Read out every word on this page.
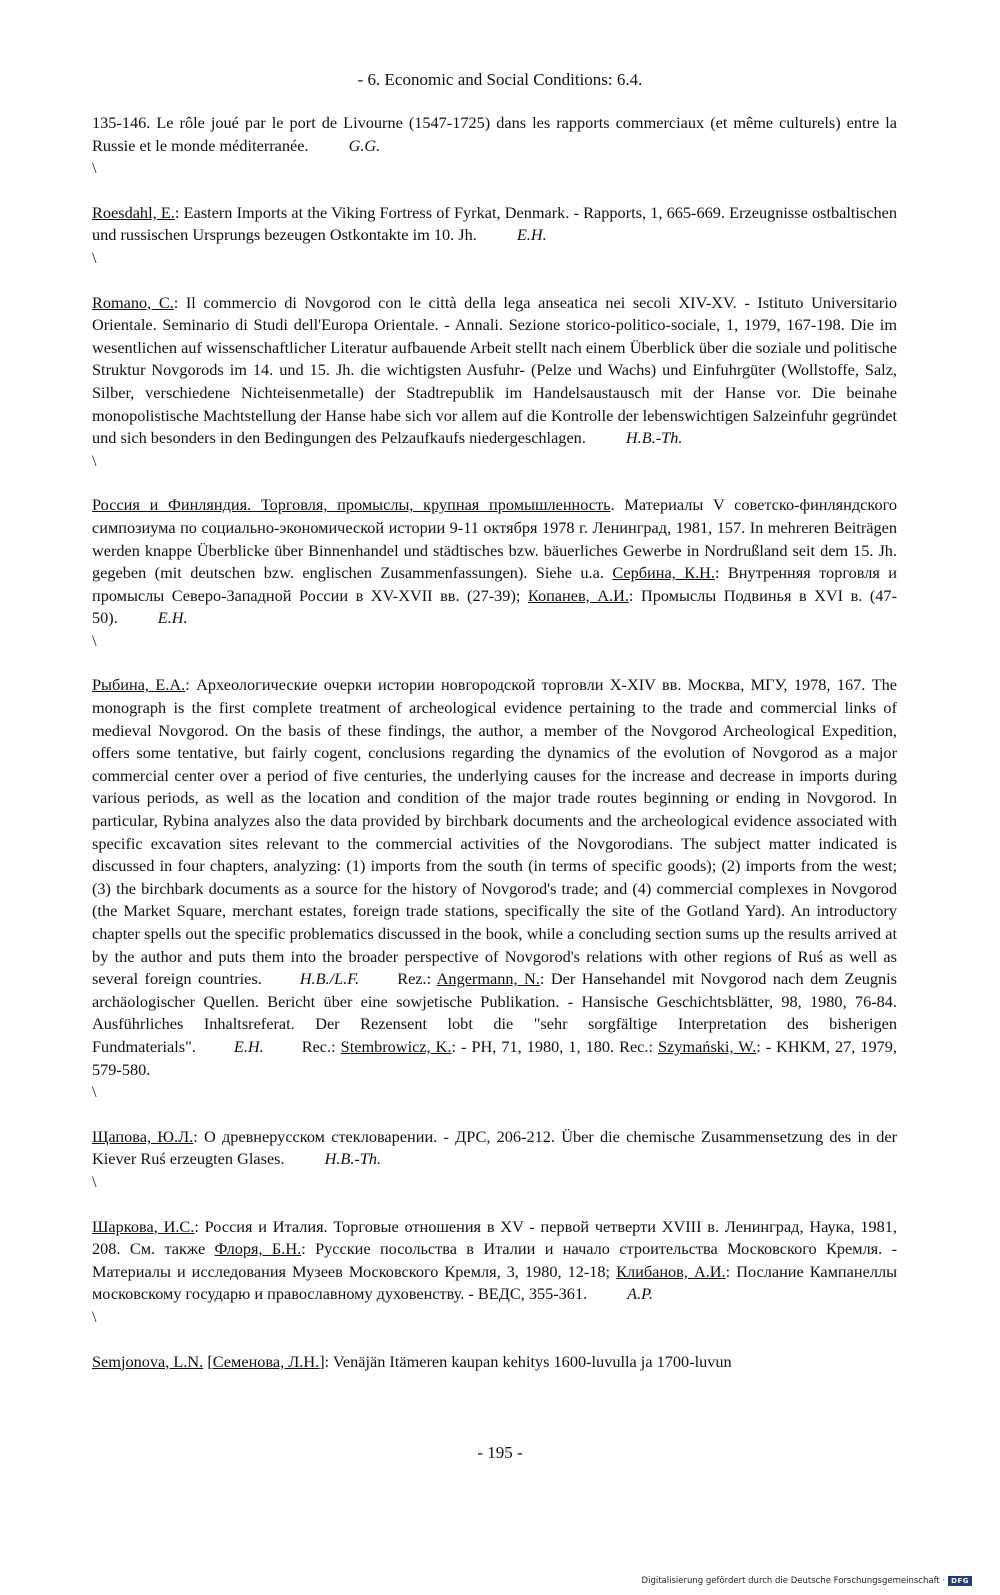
- 6. Economic and Social Conditions: 6.4.

135-146. Le rôle joué par le port de Livourne (1547-1725) dans les rapports commerciaux (et même culturels) entre la Russie et le monde méditerranée. G.G.

\

Roesdahl, E.: Eastern Imports at the Viking Fortress of Fyrkat, Denmark. - Rapports, 1, 665-669. Erzeugnisse ostbaltischen und russischen Ursprungs bezeugen Ostkontakte im 10. Jh. E.H.

\

Romano, C.: Il commercio di Novgorod con le città della lega anseatica nei secoli XIV-XV. - Istituto Universitario Orientale. Seminario di Studi dell'Europa Orientale. - Annali. Sezione storico-politico-sociale, 1, 1979, 167-198. Die im wesentlichen auf wissenschaftlicher Literatur aufbauende Arbeit stellt nach einem Überblick über die soziale und politische Struktur Novgorods im 14. und 15. Jh. die wichtigsten Ausfuhr- (Pelze und Wachs) und Einfuhrgüter (Wollstoffe, Salz, Silber, verschiedene Nichteisenmetalle) der Stadtrepublik im Handelsaustausch mit der Hanse vor. Die beinahe monopolistische Machtstellung der Hanse habe sich vor allem auf die Kontrolle der lebenswichtigen Salzeinfuhr gegründet und sich besonders in den Bedingungen des Pelzaufkaufs niedergeschlagen. H.B.-Th.

\

Россия и Финляндия. Торговля, промыслы, крупная промышленность. Материалы V советско-финляндского симпозиума по социально-экономической истории 9-11 октября 1978 г. Ленинград, 1981, 157. In mehreren Beiträgen werden knappe Überblicke über Binnenhandel und städtisches bzw. bäuerliches Gewerbe in Nordrußland seit dem 15. Jh. gegeben (mit deutschen bzw. englischen Zusammenfassungen). Siehe u.a. Сербина, К.Н.: Внутренняя торговля и промыслы Северо-Западной России в XV-XVII вв. (27-39); Копанев, А.И.: Промыслы Подвинья в XVI в. (47-50). E.H.

\

Рыбина, Е.А.: Археологические очерки истории новгородской торговли X-XIV вв. Москва, МГУ, 1978, 167. The monograph is the first complete treatment of archeological evidence pertaining to the trade and commercial links of medieval Novgorod. On the basis of these findings, the author, a member of the Novgorod Archeological Expedition, offers some tentative, but fairly cogent, conclusions regarding the dynamics of the evolution of Novgorod as a major commercial center over a period of five centuries, the underlying causes for the increase and decrease in imports during various periods, as well as the location and condition of the major trade routes beginning or ending in Novgorod. In particular, Rybina analyzes also the data provided by birchbark documents and the archeological evidence associated with specific excavation sites relevant to the commercial activities of the Novgorodians. The subject matter indicated is discussed in four chapters, analyzing: (1) imports from the south (in terms of specific goods); (2) imports from the west; (3) the birchbark documents as a source for the history of Novgorod's trade; and (4) commercial complexes in Novgorod (the Market Square, merchant estates, foreign trade stations, specifically the site of the Gotland Yard). An introductory chapter spells out the specific problematics discussed in the book, while a concluding section sums up the results arrived at by the author and puts them into the broader perspective of Novgorod's relations with other regions of Ruś as well as several foreign countries. H.B./L.F. Rez.: Angermann, N.: Der Hansehandel mit Novgorod nach dem Zeugnis archäologischer Quellen. Bericht über eine sowjetische Publikation. - Hansische Geschichtsblätter, 98, 1980, 76-84. Ausführliches Inhaltsreferat. Der Rezensent lobt die "sehr sorgfältige Interpretation des bisherigen Fundmaterials". E.H. Rec.: Stembrowicz, K.: - PH, 71, 1980, 1, 180. Rec.: Szymański, W.: - KHKM, 27, 1979, 579-580.

\

Щапова, Ю.Л.: О древнерусском стекловарении. - ДРС, 206-212. Über die chemische Zusammensetzung des in der Kiever Ruś erzeugten Glases. H.B.-Th.

\

Шаркова, И.С.: Россия и Италия. Торговые отношения в XV - первой четверти XVIII в. Ленинград, Наука, 1981, 208. См. также Флоря, Б.Н.: Русские посольства в Италии и начало строительства Московского Кремля. - Материалы и исследования Музеев Московского Кремля, 3, 1980, 12-18; Клибанов, А.И.: Послание Кампанеллы московскому государю и православному духовенству. - ВЕДС, 355-361. A.P.

\

Semjonova, L.N. [Семенова, Л.Н.]: Venäjän Itämeren kaupan kehitys 1600-luvulla ja 1700-luvun

- 195 -
Digitalisierung gefördert durch die Deutsche Forschungsgemeinschaft · DFG
